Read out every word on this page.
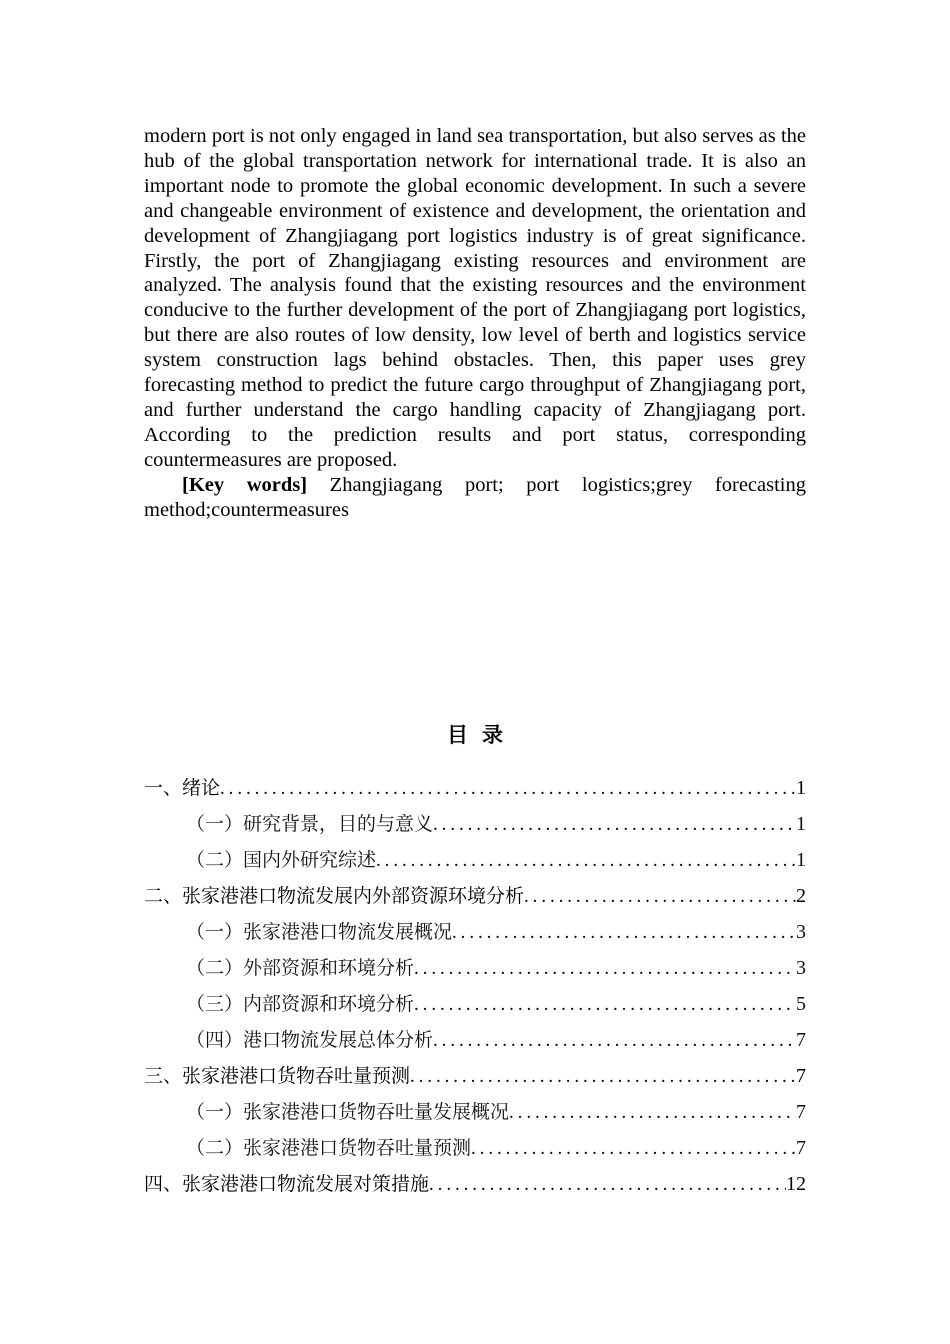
modern port is not only engaged in land sea transportation, but also serves as the hub of the global transportation network for international trade. It is also an important node to promote the global economic development. In such a severe and changeable environment of existence and development, the orientation and development of Zhangjiagang port logistics industry is of great significance. Firstly, the port of Zhangjiagang existing resources and environment are analyzed. The analysis found that the existing resources and the environment conducive to the further development of the port of Zhangjiagang port logistics, but there are also routes of low density, low level of berth and logistics service system construction lags behind obstacles. Then, this paper uses grey forecasting method to predict the future cargo throughput of Zhangjiagang port, and further understand the cargo handling capacity of Zhangjiagang port. According to the prediction results and port status, corresponding countermeasures are proposed.

[Key words] Zhangjiagang port; port logistics;grey forecasting method;countermeasures

目录
一、绪论 .....	1
（一）研究背景，目的与意义 .....	1
（二）国内外研究综述 .....	1
二、张家港港口物流发展内外部资源环境分析 .....	2
（一）张家港港口物流发展概况 .....	3
（二）外部资源和环境分析 .....	3
（三）内部资源和环境分析 .....	5
（四）港口物流发展总体分析 .....	7
三、张家港港口货物吞吐量预测 .....	7
（一）张家港港口货物吞吐量发展概况 .....	7
（二）张家港港口货物吞吐量预测 .....	7
四、张家港港口物流发展对策措施 .....	12
